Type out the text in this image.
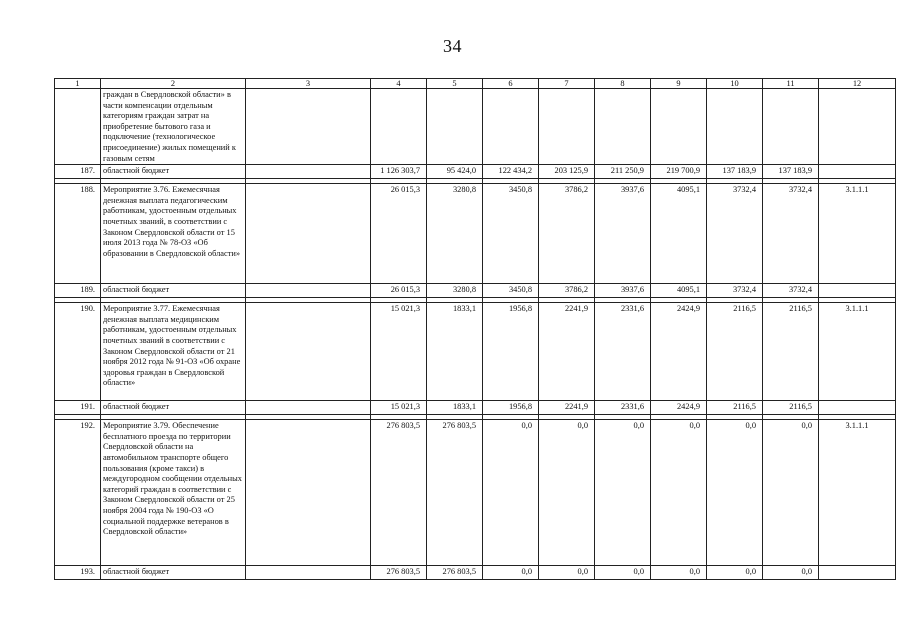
34
1	2	3	4	5	6	7	8	9	10	11	12
	граждан в Свердловской области» в части компенсации отдельным категориям граждан затрат на приобретение бытового газа и подключение (технологическое присоединение) жилых помещений к газовым сетям										
187.	областной бюджет		1 126 303,7	95 424,0	122 434,2	203 125,9	211 250,9	219 700,9	137 183,9	137 183,9	

188.	Мероприятие 3.76. Ежемесячная денежная выплата педагогическим работникам, удостоенным отдельных почетных званий, в соответствии с Законом Свердловской области от 15 июля 2013 года № 78-ОЗ «Об образовании в Свердловской области»		26 015,3	3280,8	3450,8	3786,2	3937,6	4095,1	3732,4	3732,4	3.1.1.1
189.	областной бюджет		26 015,3	3280,8	3450,8	3786,2	3937,6	4095,1	3732,4	3732,4	

190.	Мероприятие 3.77. Ежемесячная денежная выплата медицинским работникам, удостоенным отдельных почетных званий в соответствии с Законом Свердловской области от 21 ноября 2012 года № 91-ОЗ «Об охране здоровья граждан в Свердловской области»		15 021,3	1833,1	1956,8	2241,9	2331,6	2424,9	2116,5	2116,5	3.1.1.1
191.	областной бюджет		15 021,3	1833,1	1956,8	2241,9	2331,6	2424,9	2116,5	2116,5	

192.	Мероприятие 3.79. Обеспечение бесплатного проезда по территории Свердловской области на автомобильном транспорте общего пользования (кроме такси) в междугородном сообщении отдельных категорий граждан в соответствии с Законом Свердловской области от 25 ноября 2004 года № 190-ОЗ «О социальной поддержке ветеранов в Свердловской области»		276 803,5	276 803,5	0,0	0,0	0,0	0,0	0,0	0,0	3.1.1.1
193.	областной бюджет		276 803,5	276 803,5	0,0	0,0	0,0	0,0	0,0	0,0	
